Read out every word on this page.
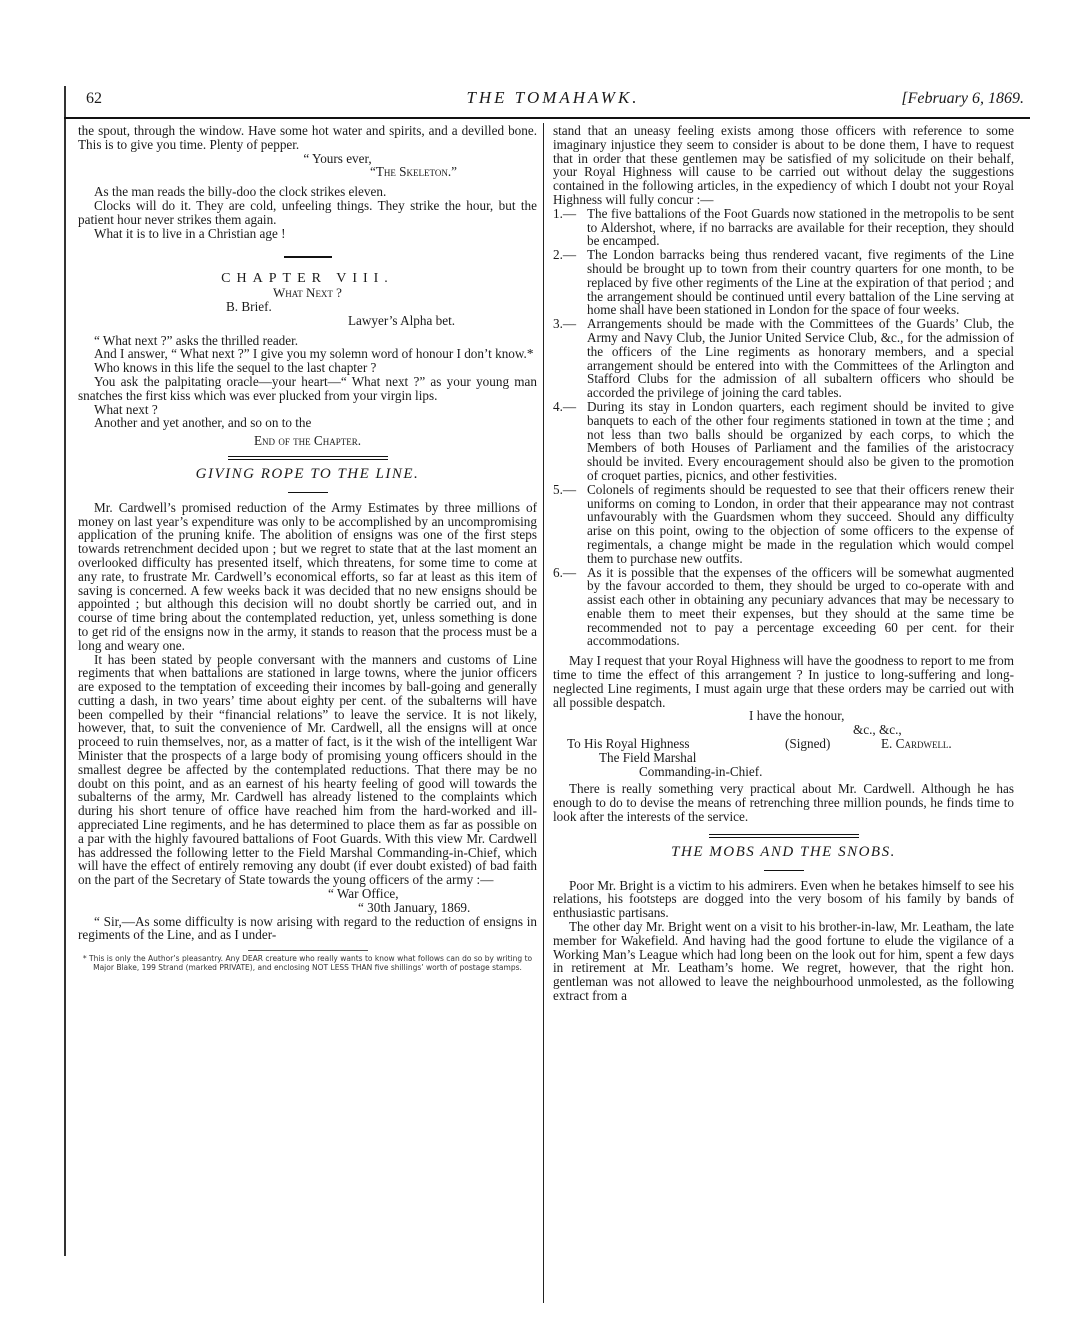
62	THE TOMAHAWK.	[February 6, 1869.

the spout, through the window. Have some hot water and spirits, and a devilled bone. This is to give you time. Plenty of pepper.

“ Yours ever,

“The Skeleton.”

As the man reads the billy-doo the clock strikes eleven.

Clocks will do it. They are cold, unfeeling things. They strike the hour, but the patient hour never strikes them again.

What it is to live in a Christian age !

CHAPTER VIII.
What Next ?
B. Brief.
Lawyer’s Alpha bet.

“ What next ?” asks the thrilled reader.

And I answer, “ What next ?” I give you my solemn word of honour I don’t know.*

Who knows in this life the sequel to the last chapter ?

You ask the palpitating oracle—your heart—“ What next ?” as your young man snatches the first kiss which was ever plucked from your virgin lips.

What next ?

Another and yet another, and so on to the

End of the Chapter.

GIVING ROPE TO THE LINE.

Mr. Cardwell’s promised reduction of the Army Estimates by three millions of money on last year’s expenditure was only to be accomplished by an uncompromising application of the pruning knife. The abolition of ensigns was one of the first steps towards retrenchment decided upon ; but we regret to state that at the last moment an overlooked difficulty has presented itself, which threatens, for some time to come at any rate, to frustrate Mr. Cardwell’s economical efforts, so far at least as this item of saving is concerned. A few weeks back it was decided that no new ensigns should be appointed ; but although this decision will no doubt shortly be carried out, and in course of time bring about the contemplated reduction, yet, unless something is done to get rid of the ensigns now in the army, it stands to reason that the process must be a long and weary one.

It has been stated by people conversant with the manners and customs of Line regiments that when battalions are stationed in large towns, where the junior officers are exposed to the temptation of exceeding their incomes by ball-going and generally cutting a dash, in two years’ time about eighty per cent. of the subalterns will have been compelled by their “financial relations” to leave the service. It is not likely, however, that, to suit the convenience of Mr. Cardwell, all the ensigns will at once proceed to ruin themselves, nor, as a matter of fact, is it the wish of the intelligent War Minister that the prospects of a large body of promising young officers should in the smallest degree be affected by the contemplated reductions. That there may be no doubt on this point, and as an earnest of his hearty feeling of good will towards the subalterns of the army, Mr. Cardwell has already listened to the complaints which during his short tenure of office have reached him from the hard-worked and ill-appreciated Line regiments, and he has determined to place them as far as possible on a par with the highly favoured battalions of Foot Guards. With this view Mr. Cardwell has addressed the following letter to the Field Marshal Commanding-in-Chief, which will have the effect of entirely removing any doubt (if ever doubt existed) of bad faith on the part of the Secretary of State towards the young officers of the army :—

“ War Office,

“ 30th January, 1869.

“ Sir,—As some difficulty is now arising with regard to the reduction of ensigns in regiments of the Line, and as I under-

* This is only the Author’s pleasantry. Any DEAR creature who really wants to know what follows can do so by writing to Major Blake, 199 Strand (marked PRIVATE), and enclosing NOT LESS THAN five shillings’ worth of postage stamps.

stand that an uneasy feeling exists among those officers with reference to some imaginary injustice they seem to consider is about to be done them, I have to request that in order that these gentlemen may be satisfied of my solicitude on their behalf, your Royal Highness will cause to be carried out without delay the suggestions contained in the following articles, in the expediency of which I doubt not your Royal Highness will fully concur :—

1.— The five battalions of the Foot Guards now stationed in the metropolis to be sent to Aldershot, where, if no barracks are available for their reception, they should be encamped.
2.— The London barracks being thus rendered vacant, five regiments of the Line should be brought up to town from their country quarters for one month, to be replaced by five other regiments of the Line at the expiration of that period ; and the arrangement should be continued until every battalion of the Line serving at home shall have been stationed in London for the space of four weeks.
3.— Arrangements should be made with the Committees of the Guards’ Club, the Army and Navy Club, the Junior United Service Club, &c., for the admission of the officers of the Line regiments as honorary members, and a special arrangement should be entered into with the Committees of the Arlington and Stafford Clubs for the admission of all subaltern officers who should be accorded the privilege of joining the card tables.
4.— During its stay in London quarters, each regiment should be invited to give banquets to each of the other four regiments stationed in town at the time ; and not less than two balls should be organized by each corps, to which the Members of both Houses of Parliament and the families of the aristocracy should be invited. Every encouragement should also be given to the promotion of croquet parties, picnics, and other festivities.
5.— Colonels of regiments should be requested to see that their officers renew their uniforms on coming to London, in order that their appearance may not contrast unfavourably with the Guardsmen whom they succeed. Should any difficulty arise on this point, owing to the objection of some officers to the expense of regimentals, a change might be made in the regulation which would compel them to purchase new outfits.
6.— As it is possible that the expenses of the officers will be somewhat augmented by the favour accorded to them, they should be urged to co-operate with and assist each other in obtaining any pecuniary advances that may be necessary to enable them to meet their expenses, but they should at the same time be recommended not to pay a percentage exceeding 60 per cent. for their accommodations.

May I request that your Royal Highness will have the goodness to report to me from time to time the effect of this arrangement ? In justice to long-suffering and long-neglected Line regiments, I must again urge that these orders may be carried out with all possible despatch.

I have the honour,

&c., &c.,

To His Royal Highness	(Signed)	E. Cardwell.

The Field Marshal

Commanding-in-Chief.

There is really something very practical about Mr. Cardwell. Although he has enough to do to devise the means of retrenching three million pounds, he finds time to look after the interests of the service.

THE MOBS AND THE SNOBS.

Poor Mr. Bright is a victim to his admirers. Even when he betakes himself to see his relations, his footsteps are dogged into the very bosom of his family by bands of enthusiastic partisans.

The other day Mr. Bright went on a visit to his brother-in-law, Mr. Leatham, the late member for Wakefield. And having had the good fortune to elude the vigilance of a Working Man’s League which had long been on the look out for him, spent a few days in retirement at Mr. Leatham’s home. We regret, however, that the right hon. gentleman was not allowed to leave the neighbourhood unmolested, as the following extract from a
